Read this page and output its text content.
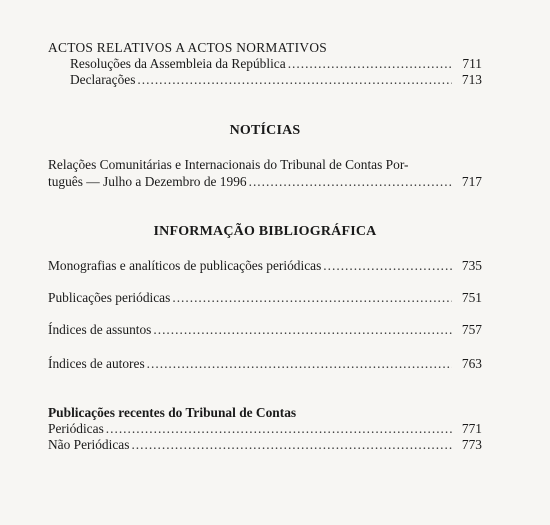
ACTOS RELATIVOS A ACTOS NORMATIVOS
Resoluções da Assembleia da República .....	711
Declarações .....	713
NOTÍCIAS
Relações Comunitárias e Internacionais do Tribunal de Contas Por-
tuguês — Julho a Dezembro de 1996 .....	717
INFORMAÇÃO BIBLIOGRÁFICA
Monografias e analíticos de publicações periódicas .....	735
Publicações periódicas .....	751
Índices de assuntos .....	757
Índices de autores .....	763
Publicações recentes do Tribunal de Contas
Periódicas .....	771
Não Periódicas .....	773
